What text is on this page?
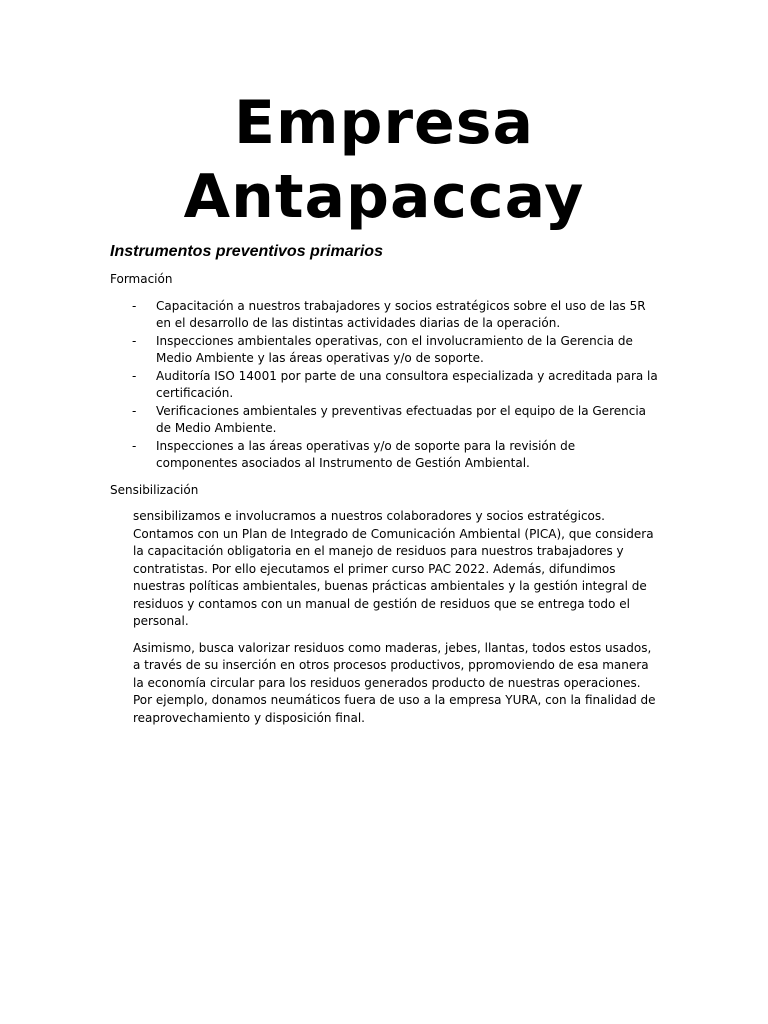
Empresa
Antapaccay
Instrumentos preventivos primarios

Formación

- Capacitación a nuestros trabajadores y socios estratégicos sobre el uso de las 5R en el desarrollo de las distintas actividades diarias de la operación.
- Inspecciones ambientales operativas, con el involucramiento de la Gerencia de Medio Ambiente y las áreas operativas y/o de soporte.
- Auditoría ISO 14001 por parte de una consultora especializada y acreditada para la certificación.
- Verificaciones ambientales y preventivas efectuadas por el equipo de la Gerencia de Medio Ambiente.
- Inspecciones a las áreas operativas y/o de soporte para la revisión de componentes asociados al Instrumento de Gestión Ambiental.

Sensibilización

sensibilizamos e involucramos a nuestros colaboradores y socios estratégicos. Contamos con un Plan de Integrado de Comunicación Ambiental (PICA), que considera la capacitación obligatoria en el manejo de residuos para nuestros trabajadores y contratistas. Por ello ejecutamos el primer curso PAC 2022. Además, difundimos nuestras políticas ambientales, buenas prácticas ambientales y la gestión integral de residuos y contamos con un manual de gestión de residuos que se entrega todo el personal.

Asimismo, busca valorizar residuos como maderas, jebes, llantas, todos estos usados, a través de su inserción en otros procesos productivos, ppromoviendo de esa manera la economía circular para los residuos generados producto de nuestras operaciones. Por ejemplo, donamos neumáticos fuera de uso a la empresa YURA, con la finalidad de reaprovechamiento y disposición final.
